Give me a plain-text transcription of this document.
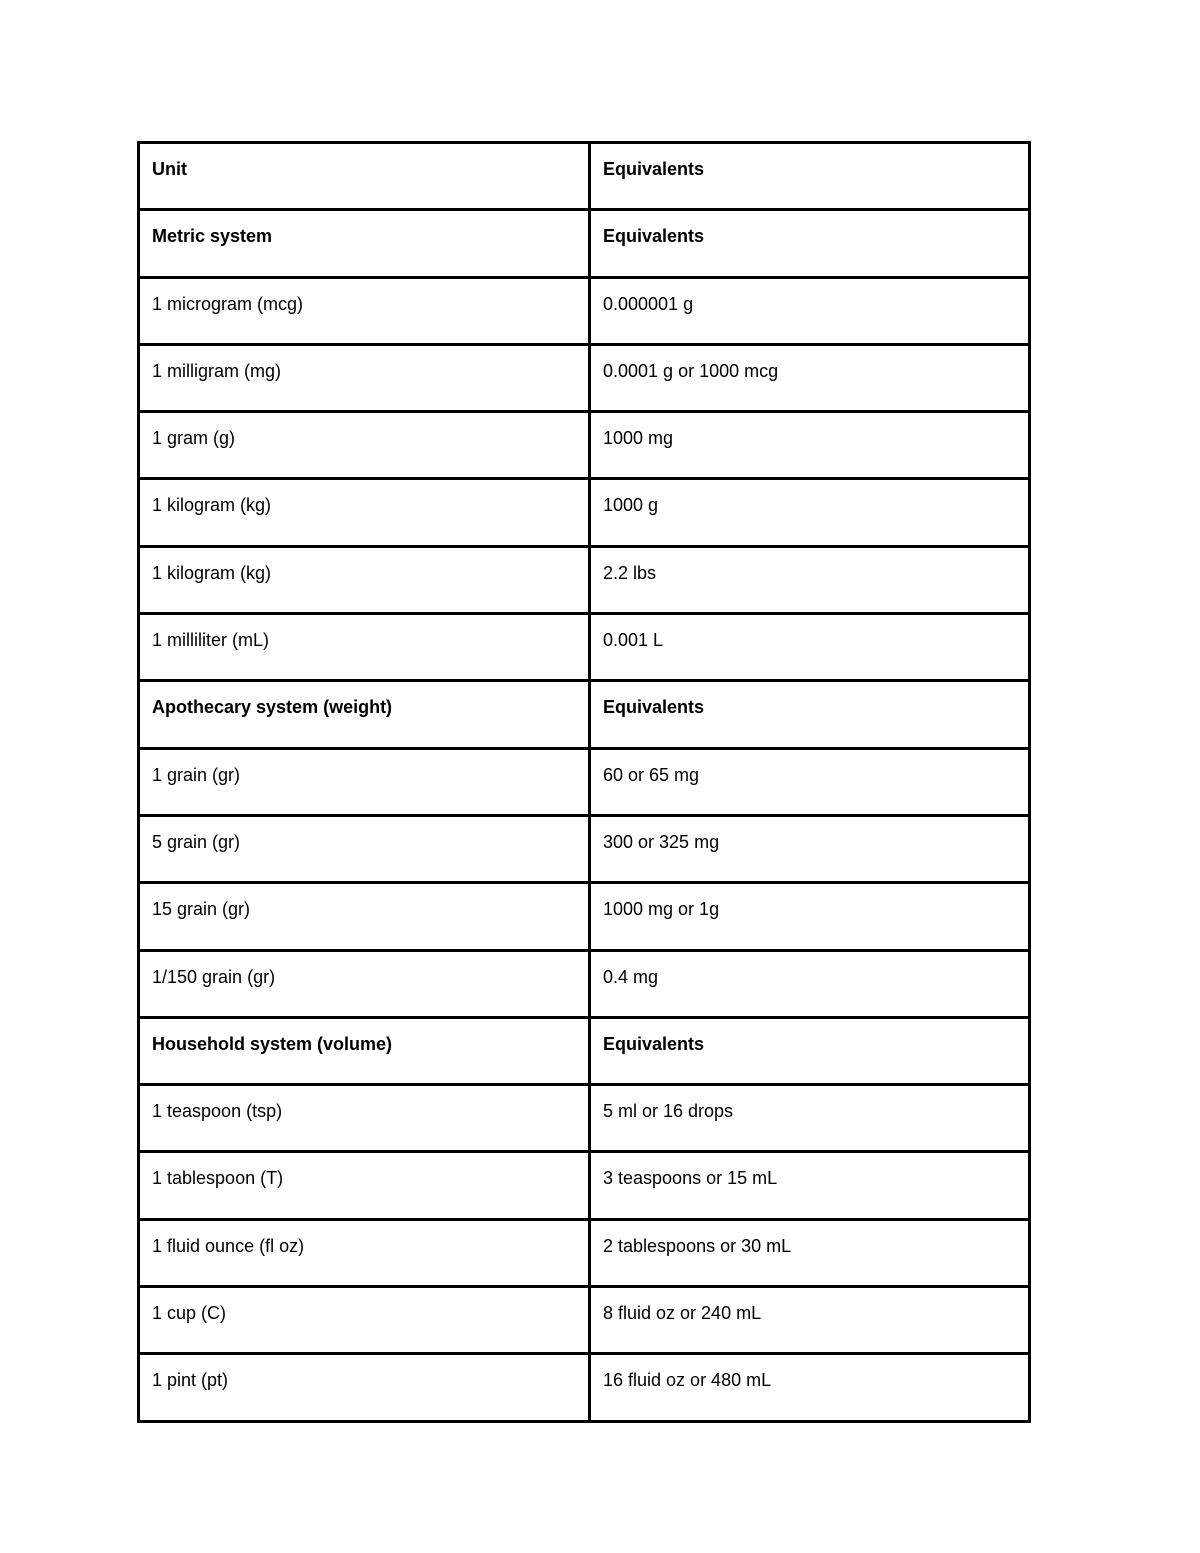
Unit	Equivalents
Metric system	Equivalents
1 microgram (mcg)	0.000001 g
1 milligram (mg)	0.0001 g or 1000 mcg
1 gram (g)	1000 mg
1 kilogram (kg)	1000 g
1 kilogram (kg)	2.2 lbs
1 milliliter (mL)	0.001 L
Apothecary system (weight)	Equivalents
1 grain (gr)	60 or 65 mg
5 grain (gr)	300 or 325 mg
15 grain (gr)	1000 mg or 1g
1/150 grain (gr)	0.4 mg
Household system (volume)	Equivalents
1 teaspoon (tsp)	5 ml or 16 drops
1 tablespoon (T)	3 teaspoons or 15 mL
1 fluid ounce (fl oz)	2 tablespoons or 30 mL
1 cup (C)	8 fluid oz or 240 mL
1 pint (pt)	16 fluid oz or 480 mL
